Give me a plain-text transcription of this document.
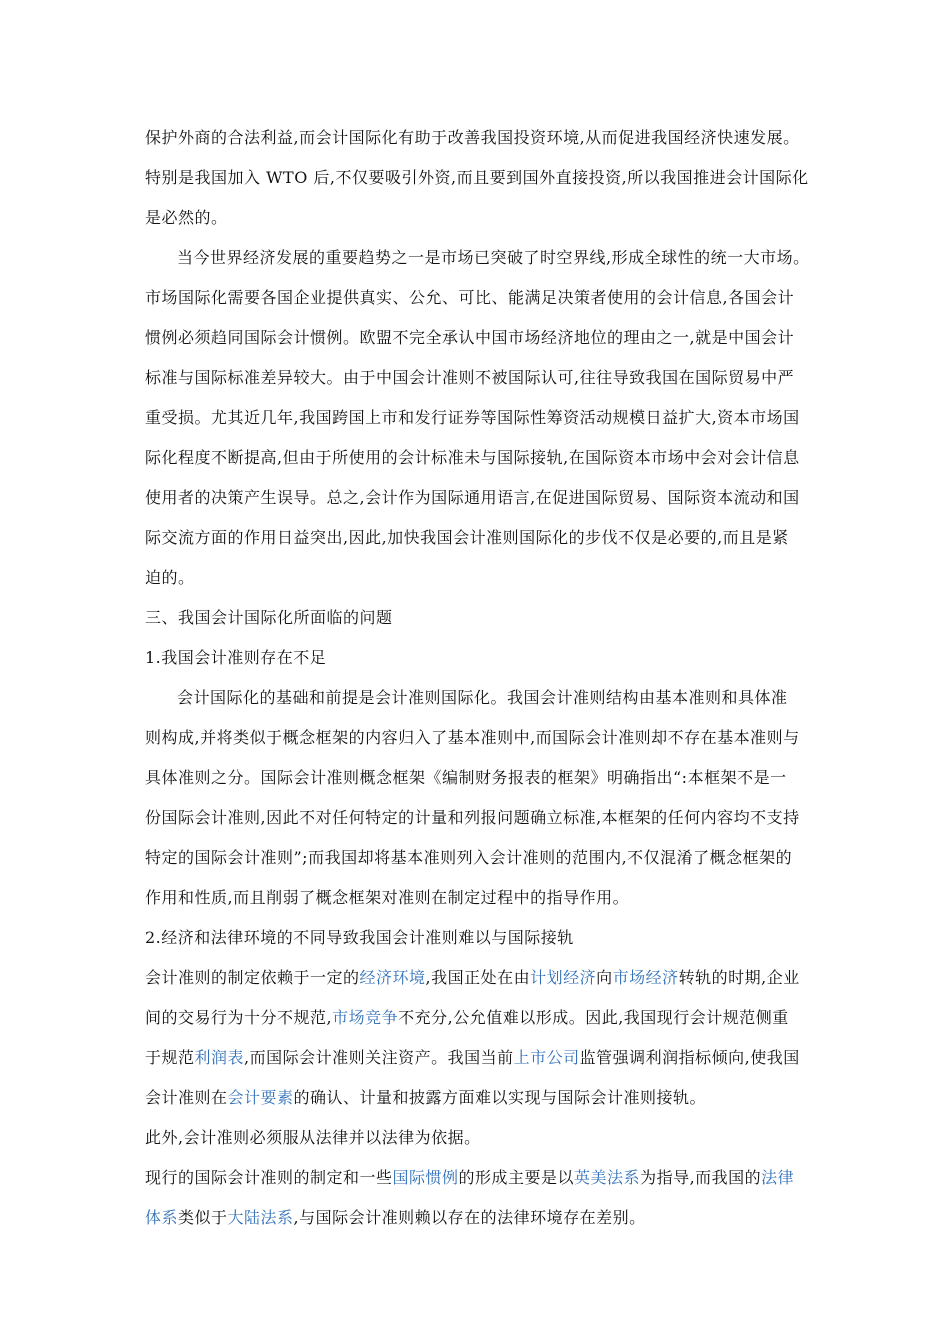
保护外商的合法利益,而会计国际化有助于改善我国投资环境,从而促进我国经济快速发展。
特别是我国加入 WTO 后,不仅要吸引外资,而且要到国外直接投资,所以我国推进会计国际化
是必然的。
当今世界经济发展的重要趋势之一是市场已突破了时空界线,形成全球性的统一大市场。
市场国际化需要各国企业提供真实、公允、可比、能满足决策者使用的会计信息,各国会计
惯例必须趋同国际会计惯例。欧盟不完全承认中国市场经济地位的理由之一,就是中国会计
标准与国际标准差异较大。由于中国会计准则不被国际认可,往往导致我国在国际贸易中严
重受损。尤其近几年,我国跨国上市和发行证券等国际性筹资活动规模日益扩大,资本市场国
际化程度不断提高,但由于所使用的会计标准未与国际接轨,在国际资本市场中会对会计信息
使用者的决策产生误导。总之,会计作为国际通用语言,在促进国际贸易、国际资本流动和国
际交流方面的作用日益突出,因此,加快我国会计准则国际化的步伐不仅是必要的,而且是紧
迫的。
三、我国会计国际化所面临的问题
1.我国会计准则存在不足
会计国际化的基础和前提是会计准则国际化。我国会计准则结构由基本准则和具体准
则构成,并将类似于概念框架的内容归入了基本准则中,而国际会计准则却不存在基本准则与
具体准则之分。国际会计准则概念框架《编制财务报表的框架》明确指出“:本框架不是一
份国际会计准则,因此不对任何特定的计量和列报问题确立标准,本框架的任何内容均不支持
特定的国际会计准则”;而我国却将基本准则列入会计准则的范围内,不仅混淆了概念框架的
作用和性质,而且削弱了概念框架对准则在制定过程中的指导作用。
2.经济和法律环境的不同导致我国会计准则难以与国际接轨
会计准则的制定依赖于一定的经济环境,我国正处在由计划经济向市场经济转轨的时期,企业
间的交易行为十分不规范,市场竞争不充分,公允值难以形成。因此,我国现行会计规范侧重
于规范利润表,而国际会计准则关注资产。我国当前上市公司监管强调利润指标倾向,使我国
会计准则在会计要素的确认、计量和披露方面难以实现与国际会计准则接轨。
此外,会计准则必须服从法律并以法律为依据。
现行的国际会计准则的制定和一些国际惯例的形成主要是以英美法系为指导,而我国的法律
体系类似于大陆法系,与国际会计准则赖以存在的法律环境存在差别。
